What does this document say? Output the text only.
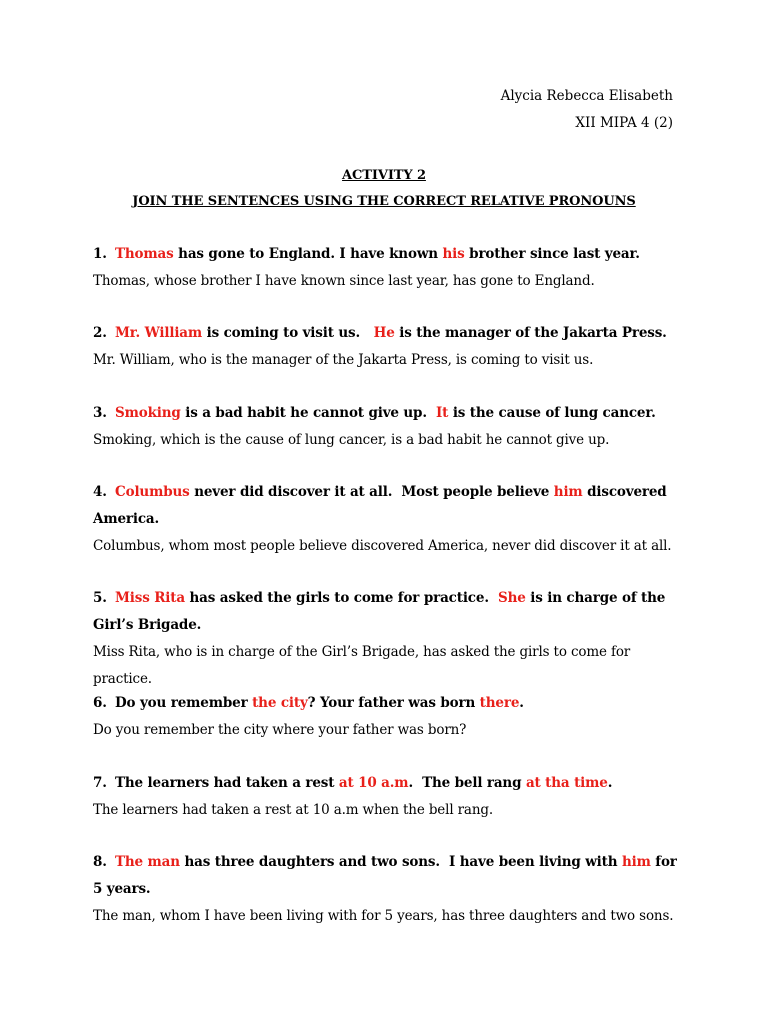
Alycia Rebecca Elisabeth
XII MIPA 4 (2)
ACTIVITY 2
JOIN THE SENTENCES USING THE CORRECT RELATIVE PRONOUNS
1. Thomas has gone to England. I have known his brother since last year.
Thomas, whose brother I have known since last year, has gone to England.
2. Mr. William is coming to visit us.   He is the manager of the Jakarta Press.
Mr. William, who is the manager of the Jakarta Press, is coming to visit us.
3. Smoking is a bad habit he cannot give up.  It is the cause of lung cancer.
Smoking, which is the cause of lung cancer, is a bad habit he cannot give up.
4. Columbus never did discover it at all.  Most people believe him discovered America.
Columbus, whom most people believe discovered America, never did discover it at all.
5. Miss Rita has asked the girls to come for practice.  She is in charge of the Girl’s Brigade.
Miss Rita, who is in charge of the Girl’s Brigade, has asked the girls to come for practice.
6. Do you remember the city? Your father was born there.
Do you remember the city where your father was born?
7. The learners had taken a rest at 10 a.m.  The bell rang at tha time.
The learners had taken a rest at 10 a.m when the bell rang.
8. The man has three daughters and two sons.  I have been living with him for 5 years.
The man, whom I have been living with for 5 years, has three daughters and two sons.
